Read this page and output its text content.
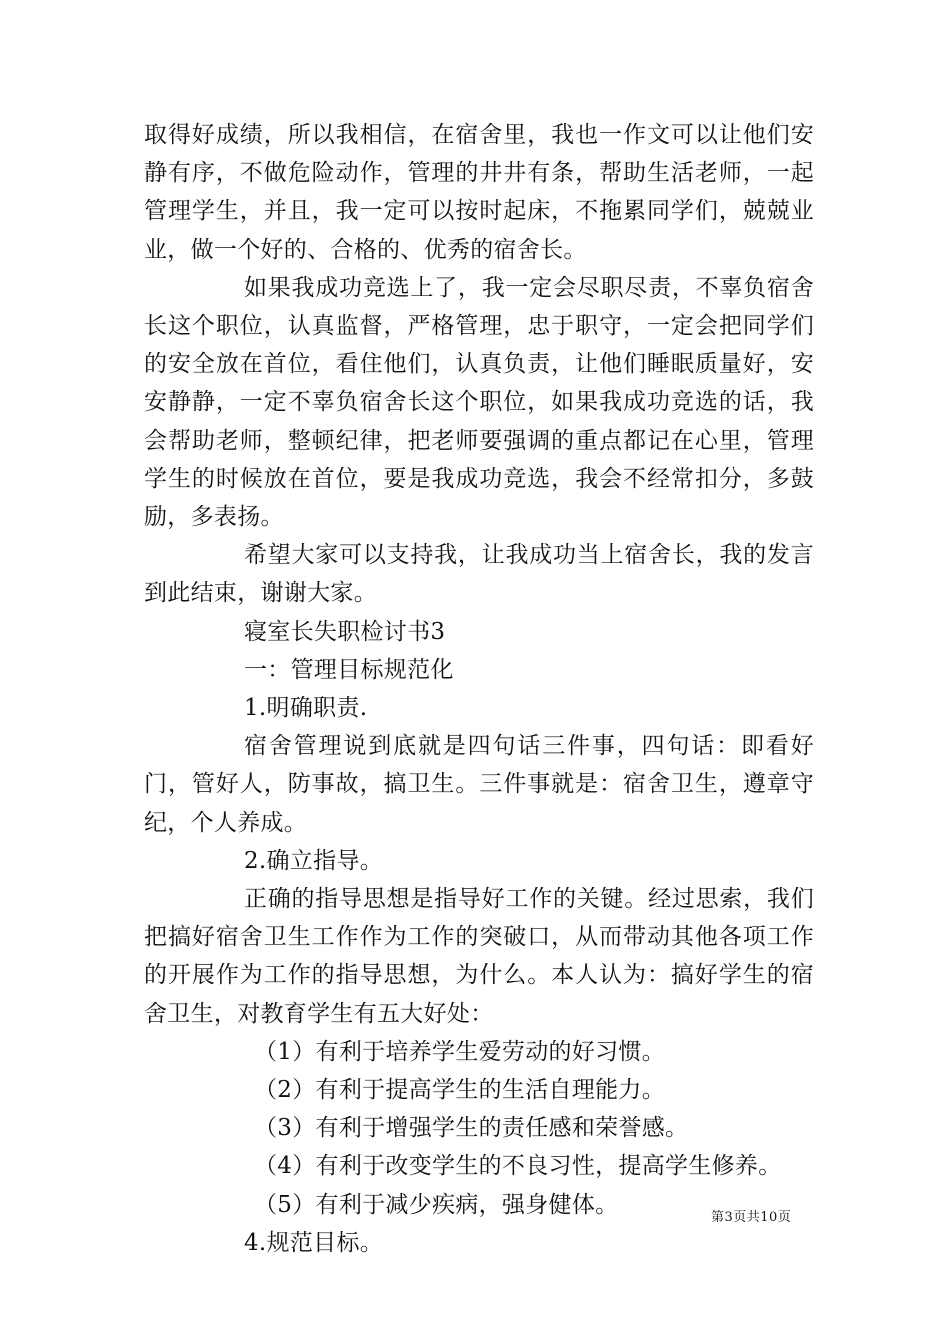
取得好成绩，所以我相信，在宿舍里，我也一作文可以让他们安静有序，不做危险动作，管理的井井有条，帮助生活老师，一起管理学生，并且，我一定可以按时起床，不拖累同学们，兢兢业业，做一个好的、合格的、优秀的宿舍长。

如果我成功竞选上了，我一定会尽职尽责，不辜负宿舍长这个职位，认真监督，严格管理，忠于职守，一定会把同学们的安全放在首位，看住他们，认真负责，让他们睡眠质量好，安安静静，一定不辜负宿舍长这个职位，如果我成功竞选的话，我会帮助老师，整顿纪律，把老师要强调的重点都记在心里，管理学生的时候放在首位，要是我成功竞选，我会不经常扣分，多鼓励，多表扬。

希望大家可以支持我，让我成功当上宿舍长，我的发言到此结束，谢谢大家。

寝室长失职检讨书3

一：管理目标规范化

1.明确职责.

宿舍管理说到底就是四句话三件事，四句话：即看好门，管好人，防事故，搞卫生。三件事就是：宿舍卫生，遵章守纪，个人养成。

2.确立指导。

正确的指导思想是指导好工作的关键。经过思索，我们把搞好宿舍卫生工作作为工作的突破口，从而带动其他各项工作的开展作为工作的指导思想，为什么。本人认为：搞好学生的宿舍卫生，对教育学生有五大好处：

（1）有利于培养学生爱劳动的好习惯。

（2）有利于提高学生的生活自理能力。

（3）有利于增强学生的责任感和荣誉感。

（4）有利于改变学生的不良习性，提高学生修养。

（5）有利于减少疾病，强身健体。

4.规范目标。

第3页共10页
